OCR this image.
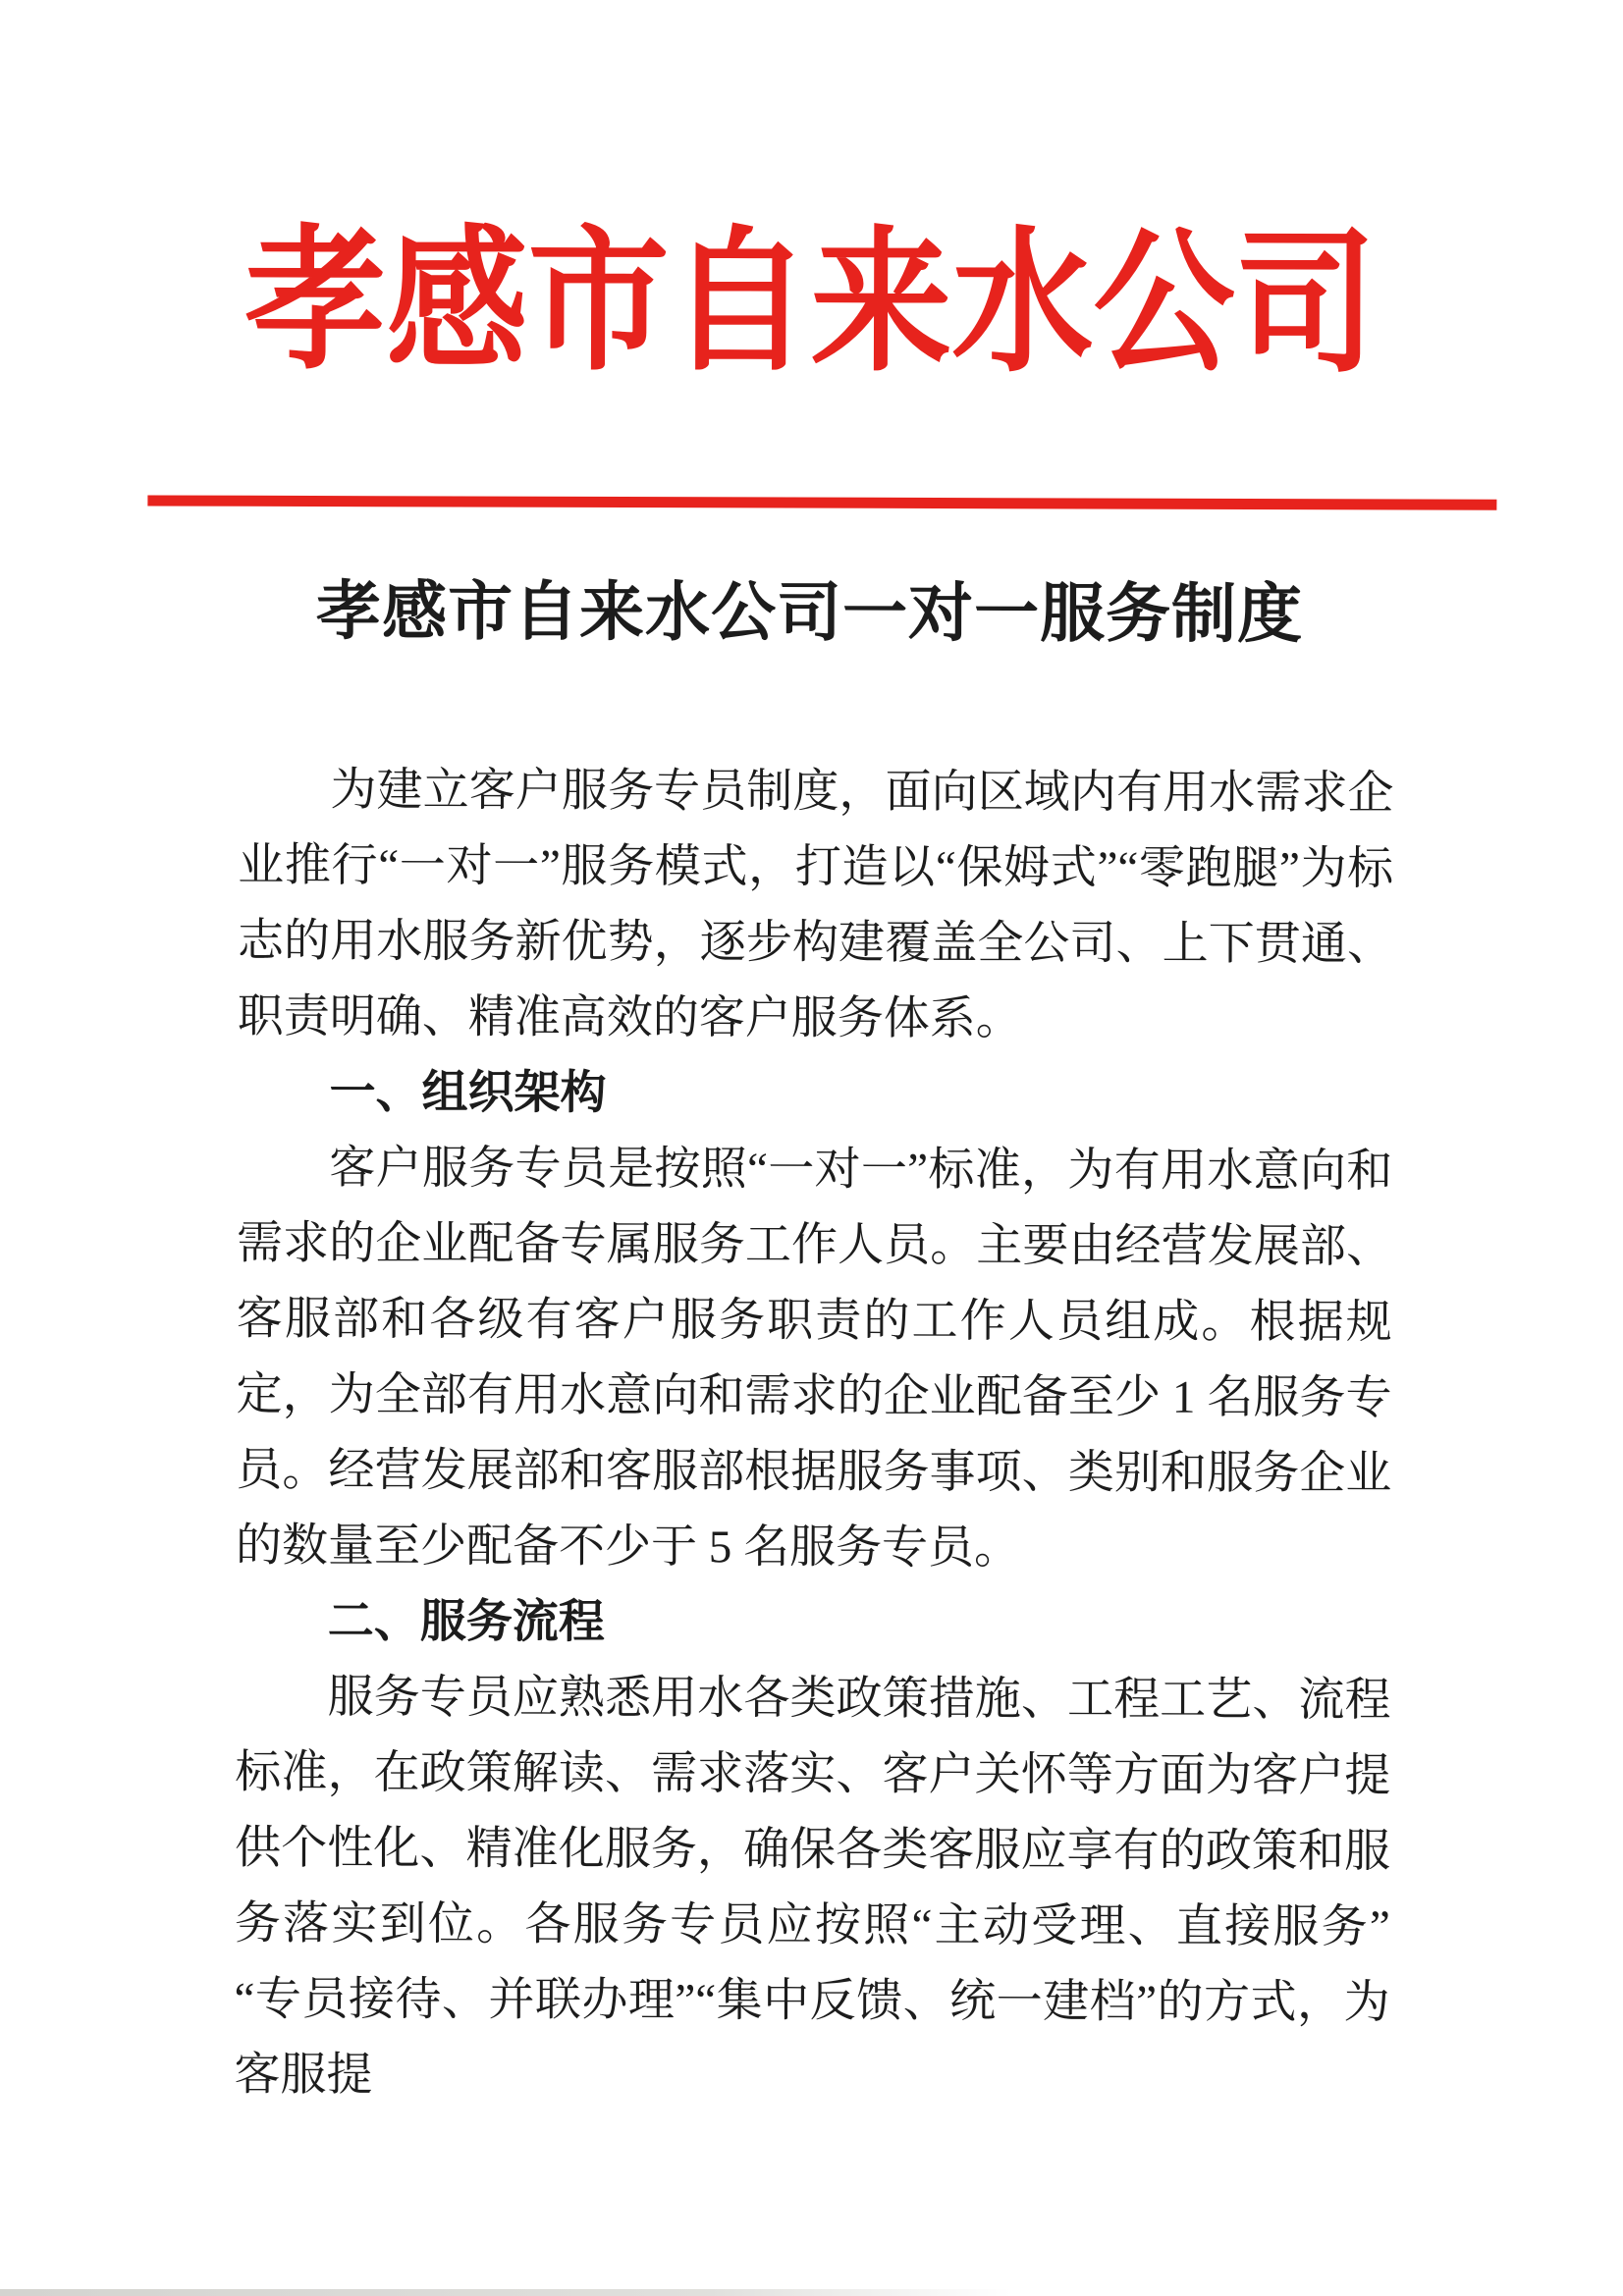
孝感市自来水公司
孝感市自来水公司一对一服务制度

为建立客户服务专员制度，面向区域内有用水需求企业推行“一对一”服务模式，打造以“保姆式”“零跑腿”为标志的用水服务新优势，逐步构建覆盖全公司、上下贯通、职责明确、精准高效的客户服务体系。

一、组织架构

客户服务专员是按照“一对一”标准，为有用水意向和需求的企业配备专属服务工作人员。主要由经营发展部、客服部和各级有客户服务职责的工作人员组成。根据规定，为全部有用水意向和需求的企业配备至少 1 名服务专员。经营发展部和客服部根据服务事项、类别和服务企业的数量至少配备不少于 5 名服务专员。

二、服务流程

服务专员应熟悉用水各类政策措施、工程工艺、流程标准，在政策解读、需求落实、客户关怀等方面为客户提供个性化、精准化服务，确保各类客服应享有的政策和服务落实到位。各服务专员应按照“主动受理、直接服务”“专员接待、并联办理”“集中反馈、统一建档”的方式，为客服提
